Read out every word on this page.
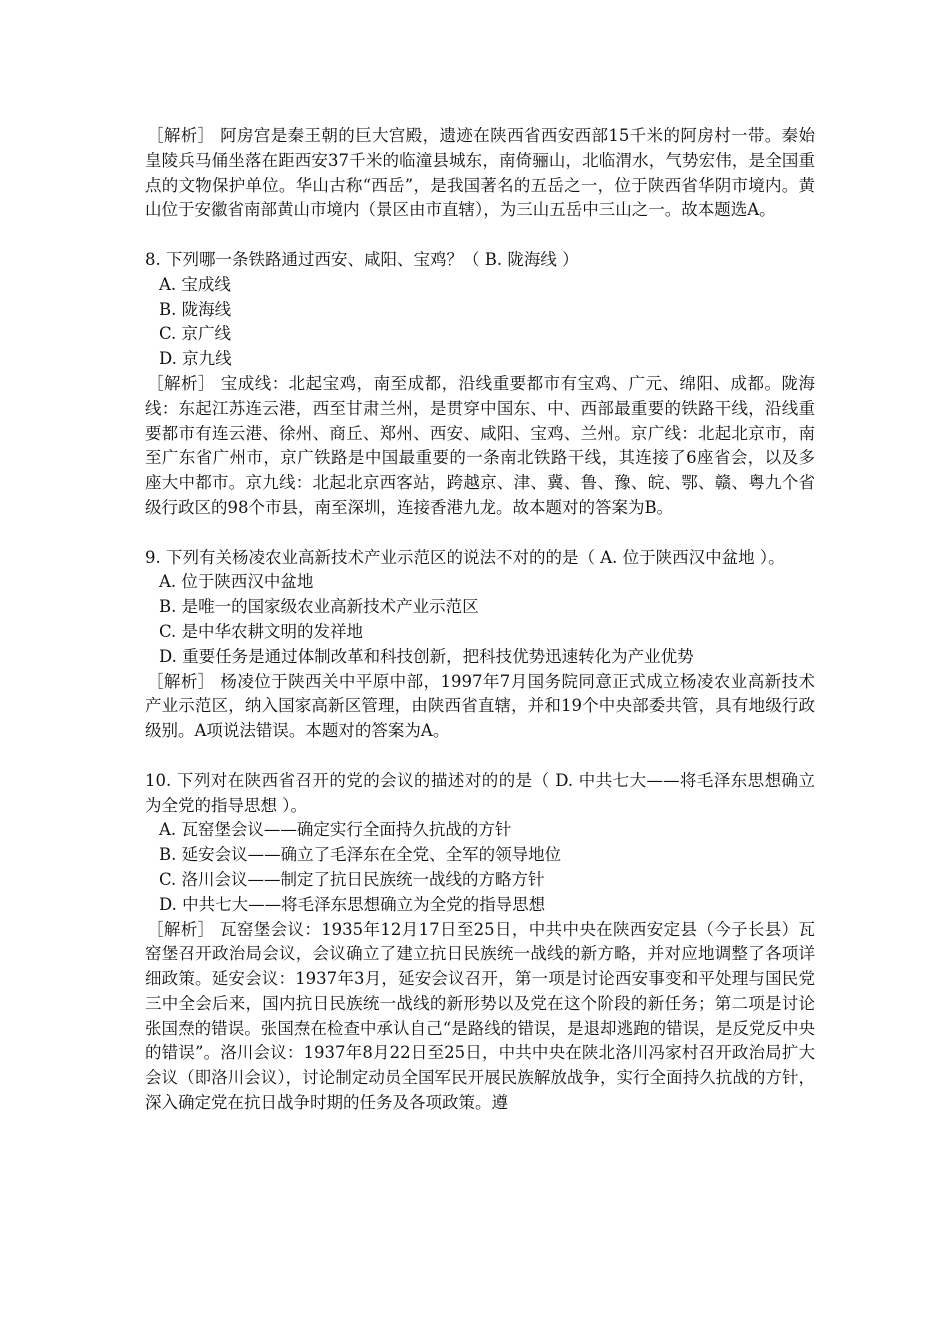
［解析］ 阿房宫是秦王朝的巨大宫殿，遗迹在陕西省西安西部15千米的阿房村一带。秦始皇陵兵马俑坐落在距西安37千米的临潼县城东，南倚骊山，北临渭水，气势宏伟，是全国重点的文物保护单位。华山古称“西岳”，是我国著名的五岳之一，位于陕西省华阴市境内。黄山位于安徽省南部黄山市境内（景区由市直辖），为三山五岳中三山之一。故本题选A。

8. 下列哪一条铁路通过西安、咸阳、宝鸡？（ B. 陇海线 ）

A. 宝成线

B. 陇海线

C. 京广线

D. 京九线

［解析］ 宝成线：北起宝鸡，南至成都，沿线重要都市有宝鸡、广元、绵阳、成都。陇海线：东起江苏连云港，西至甘肃兰州，是贯穿中国东、中、西部最重要的铁路干线，沿线重要都市有连云港、徐州、商丘、郑州、西安、咸阳、宝鸡、兰州。京广线：北起北京市，南至广东省广州市，京广铁路是中国最重要的一条南北铁路干线，其连接了6座省会，以及多座大中都市。京九线：北起北京西客站，跨越京、津、冀、鲁、豫、皖、鄂、赣、粤九个省级行政区的98个市县，南至深圳，连接香港九龙。故本题对的答案为B。

9. 下列有关杨凌农业高新技术产业示范区的说法不对的的是（ A. 位于陕西汉中盆地 ）。

A. 位于陕西汉中盆地

B. 是唯一的国家级农业高新技术产业示范区

C. 是中华农耕文明的发祥地

D. 重要任务是通过体制改革和科技创新，把科技优势迅速转化为产业优势

［解析］ 杨凌位于陕西关中平原中部，1997年7月国务院同意正式成立杨凌农业高新技术产业示范区，纳入国家高新区管理，由陕西省直辖，并和19个中央部委共管，具有地级行政级别。A项说法错误。本题对的答案为A。

10. 下列对在陕西省召开的党的会议的描述对的的是（ D. 中共七大——将毛泽东思想确立为全党的指导思想 ）。

A. 瓦窑堡会议——确定实行全面持久抗战的方针

B. 延安会议——确立了毛泽东在全党、全军的领导地位

C. 洛川会议——制定了抗日民族统一战线的方略方针

D. 中共七大——将毛泽东思想确立为全党的指导思想

［解析］ 瓦窑堡会议：1935年12月17日至25日，中共中央在陕西安定县（今子长县）瓦窑堡召开政治局会议，会议确立了建立抗日民族统一战线的新方略，并对应地调整了各项详细政策。延安会议：1937年3月，延安会议召开，第一项是讨论西安事变和平处理与国民党三中全会后来，国内抗日民族统一战线的新形势以及党在这个阶段的新任务；第二项是讨论张国焘的错误。张国焘在检查中承认自己“是路线的错误，是退却逃跑的错误，是反党反中央的错误”。洛川会议：1937年8月22日至25日，中共中央在陕北洛川冯家村召开政治局扩大会议（即洛川会议），讨论制定动员全国军民开展民族解放战争，实行全面持久抗战的方针，深入确定党在抗日战争时期的任务及各项政策。遵
